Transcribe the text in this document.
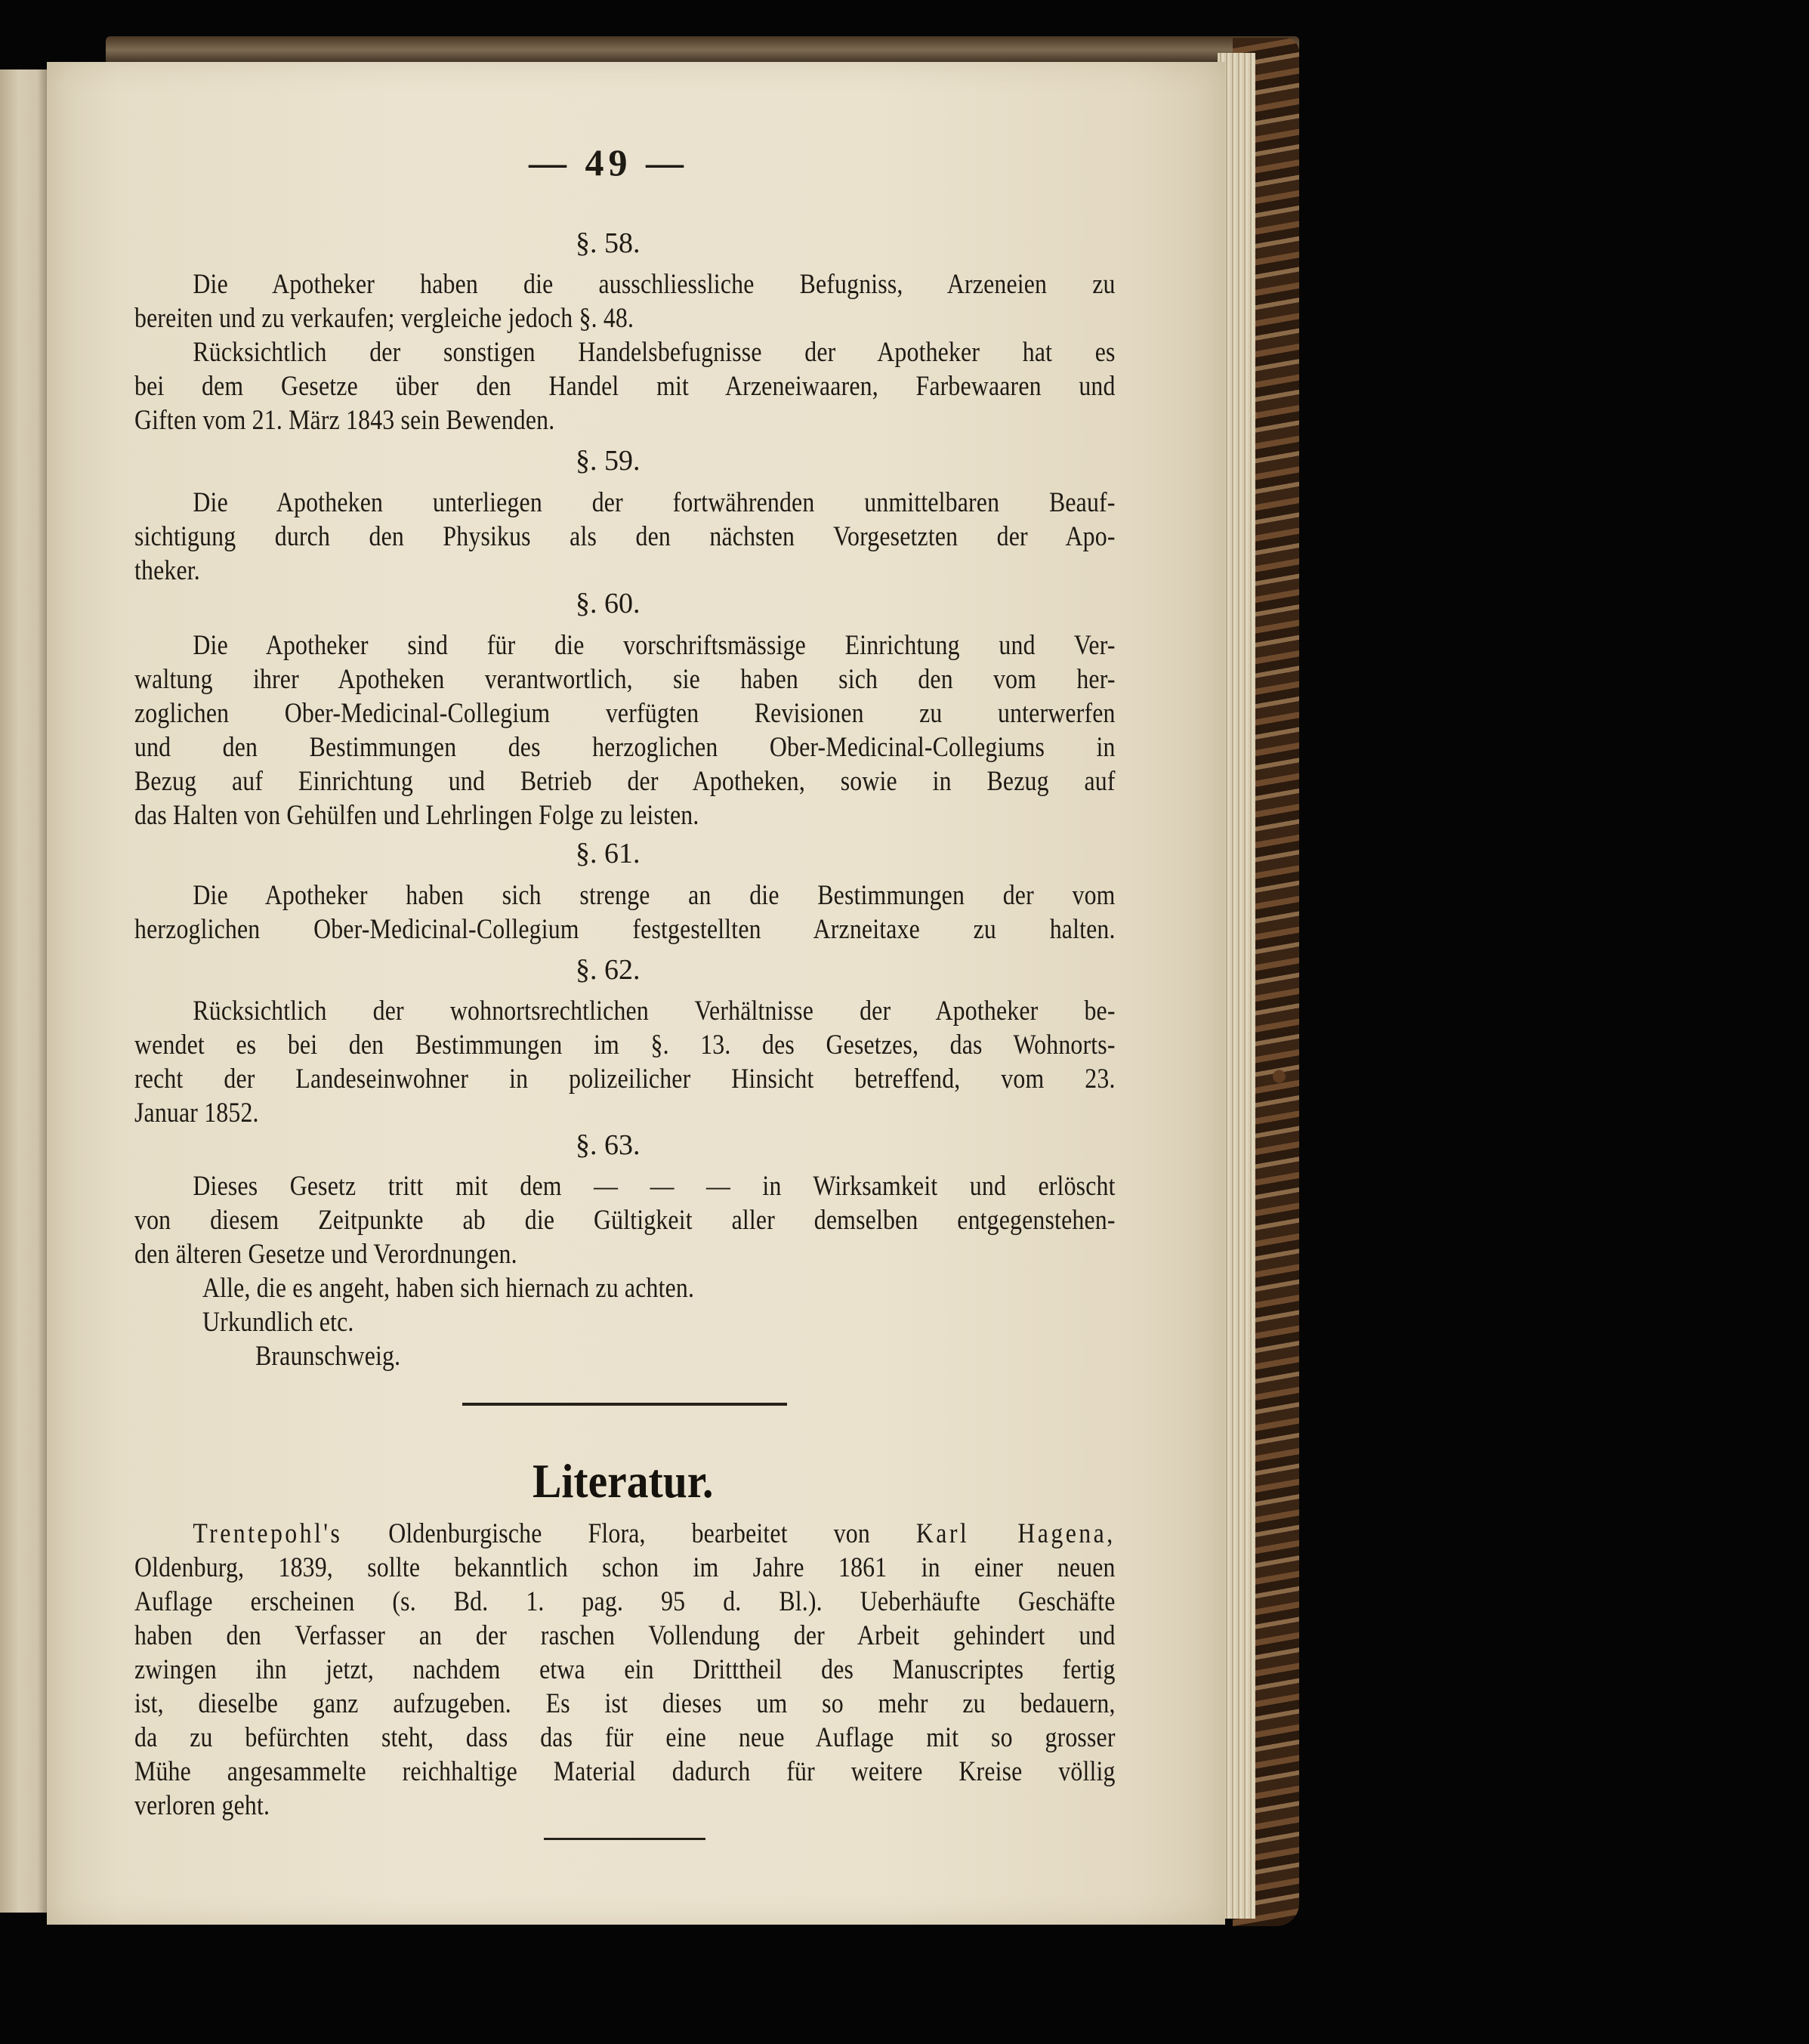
— 49 —
§. 58.
Die Apotheker haben die ausschliessliche Befugniss, Arzeneien zu
bereiten und zu verkaufen; vergleiche jedoch §. 48.
Rücksichtlich der sonstigen Handelsbefugnisse der Apotheker hat es
bei dem Gesetze über den Handel mit Arzeneiwaaren, Farbewaaren und
Giften vom 21. März 1843 sein Bewenden.
§. 59.
Die Apotheken unterliegen der fortwährenden unmittelbaren Beauf-
sichtigung durch den Physikus als den nächsten Vorgesetzten der Apo-
theker.
§. 60.
Die Apotheker sind für die vorschriftsmässige Einrichtung und Ver-
waltung ihrer Apotheken verantwortlich, sie haben sich den vom her-
zoglichen Ober-Medicinal-Collegium verfügten Revisionen zu unterwerfen
und den Bestimmungen des herzoglichen Ober-Medicinal-Collegiums in
Bezug auf Einrichtung und Betrieb der Apotheken, sowie in Bezug auf
das Halten von Gehülfen und Lehrlingen Folge zu leisten.
§. 61.
Die Apotheker haben sich strenge an die Bestimmungen der vom
herzoglichen Ober-Medicinal-Collegium festgestellten Arzneitaxe zu halten.
§. 62.
Rücksichtlich der wohnortsrechtlichen Verhältnisse der Apotheker be-
wendet es bei den Bestimmungen im §. 13. des Gesetzes, das Wohnorts-
recht der Landeseinwohner in polizeilicher Hinsicht betreffend, vom 23.
Januar 1852.
§. 63.
Dieses Gesetz tritt mit dem — — — in Wirksamkeit und erlöscht
von diesem Zeitpunkte ab die Gültigkeit aller demselben entgegenstehen-
den älteren Gesetze und Verordnungen.
Alle, die es angeht, haben sich hiernach zu achten.
Urkundlich etc.
Braunschweig.
Literatur.
Trentepohl's Oldenburgische Flora, bearbeitet von Karl Hagena,
Oldenburg, 1839, sollte bekanntlich schon im Jahre 1861 in einer neuen
Auflage erscheinen (s. Bd. 1. pag. 95 d. Bl.). Ueberhäufte Geschäfte
haben den Verfasser an der raschen Vollendung der Arbeit gehindert und
zwingen ihn jetzt, nachdem etwa ein Dritttheil des Manuscriptes fertig
ist, dieselbe ganz aufzugeben. Es ist dieses um so mehr zu bedauern,
da zu befürchten steht, dass das für eine neue Auflage mit so grosser
Mühe angesammelte reichhaltige Material dadurch für weitere Kreise völlig
verloren geht.
